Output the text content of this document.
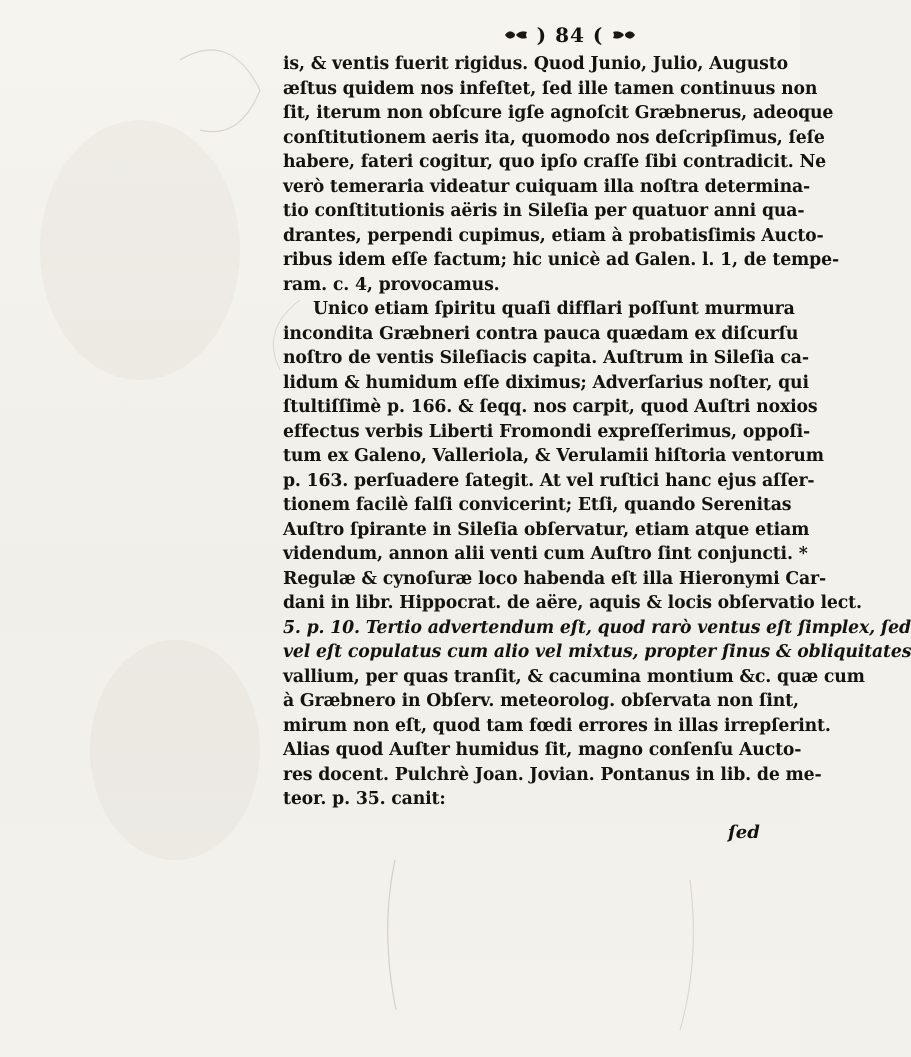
) 84 (
is, & ventis fuerit rigidus. Quod Junio, Julio, Augusto
æſtus quidem nos infeſtet, ſed ille tamen continuus non
ſit, iterum non obſcure igſe agnoſcit Græbnerus, adeoque
conſtitutionem aeris ita, quomodo nos deſcripſimus, ſeſe
habere, fateri cogitur, quo ipſo craſſe ſibi contradicit. Ne
verò temeraria videatur cuiquam illa noſtra determina-
tio conſtitutionis aëris in Sileſia per quatuor anni qua-
drantes, perpendi cupimus, etiam à probatisſimis Aucto-
ribus idem eſſe factum; hic unicè ad Galen. l. 1, de tempe-
ram. c. 4, provocamus.
Unico etiam ſpiritu quaſi difflari poſſunt murmura
incondita Græbneri contra pauca quædam ex diſcurſu
noſtro de ventis Sileſiacis capita. Auſtrum in Sileſia ca-
lidum & humidum eſſe diximus; Adverſarius noſter, qui
ſtultiſſimè p. 166. & ſeqq. nos carpit, quod Auſtri noxios
effectus verbis Liberti Fromondi expreſſerimus, oppoſi-
tum ex Galeno, Valleriola, & Verulamii hiſtoria ventorum
p. 163. perſuadere ſategit. At vel ruſtici hanc ejus aſſer-
tionem facilè falſi convicerint; Etſi, quando Serenitas
Auſtro ſpirante in Sileſia obſervatur, etiam atque etiam
videndum, annon alii venti cum Auſtro ſint conjuncti. *
Regulæ & cynoſuræ loco habenda eſt illa Hieronymi Car-
dani in libr. Hippocrat. de aëre, aquis & locis obſervatio lect.
5. p. 10. Tertio advertendum eſt, quod rarò ventus eſt ſimplex, ſed
vel eſt copulatus cum alio vel mixtus, propter ſinus & obliquitates
vallium, per quas tranſit, & cacumina montium &c. quæ cum
à Græbnero in Obſerv. meteorolog. obſervata non ſint,
mirum non eſt, quod tam fœdi errores in illas irrepſerint.
Alias quod Auſter humidus ſit, magno conſenſu Aucto-
res docent. Pulchrè Joan. Jovian. Pontanus in lib. de me-
teor. p. 35. canit:
ſed
